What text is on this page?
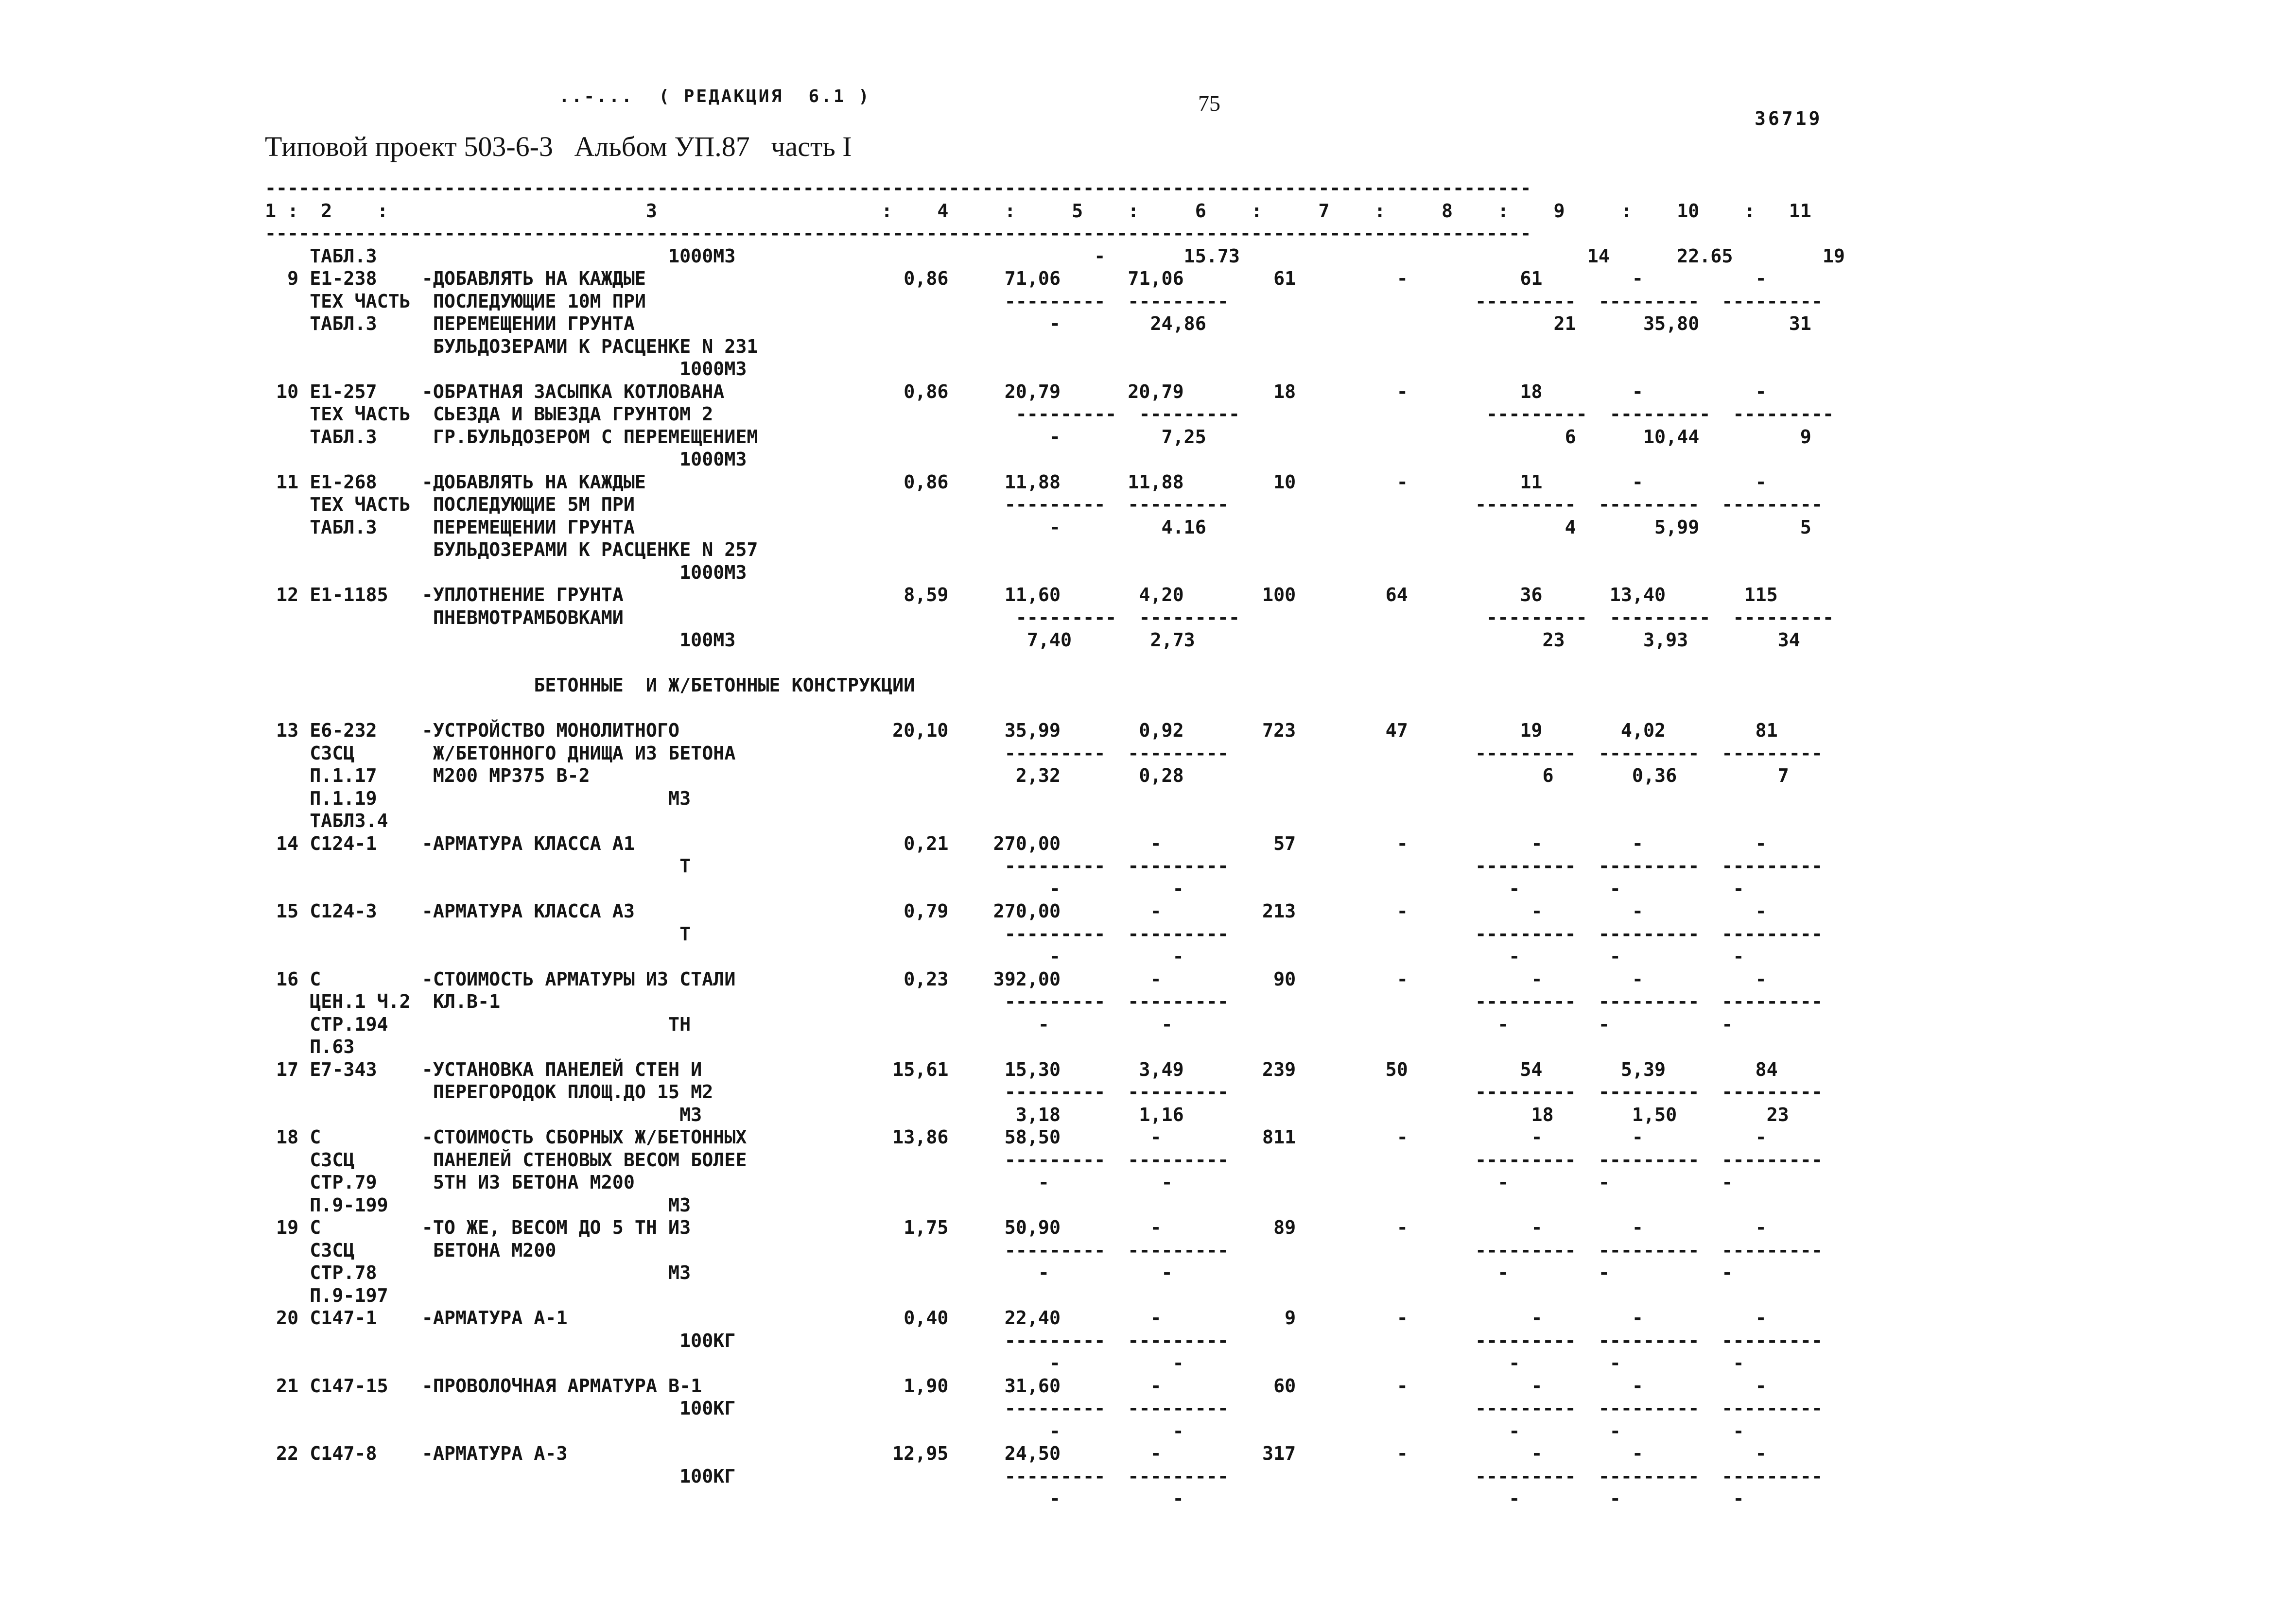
..-...  ( РЕДАКЦИЯ  6.1 )	75
36719
Типовой проект 503-6-3   Альбом УП.87   часть I
-----------------------------------------------------------------------------------------------------------------
1 :  2    :                       3                    :    4     :     5    :     6    :     7    :     8    :    9     :    10    :   11
-----------------------------------------------------------------------------------------------------------------
ТАБЛ.3                          1000М3                                -       15.73                               14      22.65        19
9 Е1-238    -ДОБАВЛЯТЬ НА КАЖДЫЕ                       0,86     71,06      71,06        61         -          61        -          -
ТЕХ ЧАСТЬ  ПОСЛЕДУЮЩИЕ 10М ПРИ                                ---------  ---------                      ---------  ---------  ---------
ТАБЛ.3     ПЕРЕМЕЩЕНИИ ГРУНТА                                     -        24,86                               21      35,80        31
БУЛЬДОЗЕРАМИ К РАСЦЕНКЕ N 231
1000М3
10 Е1-257    -ОБРАТНАЯ ЗАСЫПКА КОТЛОВАНА                0,86     20,79      20,79        18         -          18        -          -
ТЕХ ЧАСТЬ  СЬЕЗДА И ВЫЕЗДА ГРУНТОМ 2                           ---------  ---------                      ---------  ---------  ---------
ТАБЛ.3     ГР.БУЛЬДОЗЕРОМ С ПЕРЕМЕЩЕНИЕМ                          -         7,25                                6      10,44         9
1000М3
11 Е1-268    -ДОБАВЛЯТЬ НА КАЖДЫЕ                       0,86     11,88      11,88        10         -          11        -          -
ТЕХ ЧАСТЬ  ПОСЛЕДУЮЩИЕ 5М ПРИ                                 ---------  ---------                      ---------  ---------  ---------
ТАБЛ.3     ПЕРЕМЕЩЕНИИ ГРУНТА                                     -         4.16                                4       5,99         5
БУЛЬДОЗЕРАМИ К РАСЦЕНКЕ N 257
1000М3
12 Е1-1185   -УПЛОТНЕНИЕ ГРУНТА                         8,59     11,60       4,20       100        64          36      13,40       115
ПНЕВМОТРАМБОВКАМИ                                   ---------  ---------                      ---------  ---------  ---------
100М3                          7,40       2,73                               23       3,93        34
БЕТОННЫЕ  И Ж/БЕТОННЫЕ КОНСТРУКЦИИ
13 Е6-232    -УСТРОЙСТВО МОНОЛИТНОГО                   20,10     35,99       0,92       723        47          19       4,02        81
СЗСЦ       Ж/БЕТОННОГО ДНИЩА ИЗ БЕТОНА                        ---------  ---------                      ---------  ---------  ---------
П.1.17     М200 МРЗ75 В-2                                      2,32       0,28                                6       0,36         7
П.1.19                          М3
ТАБЛ3.4
14 С124-1    -АРМАТУРА КЛАССА А1                        0,21    270,00        -          57         -           -        -          -
Т                            ---------  ---------                      ---------  ---------  ---------
-          -                             -        -          -
15 С124-3    -АРМАТУРА КЛАССА А3                        0,79    270,00        -         213         -           -        -          -
Т                            ---------  ---------                      ---------  ---------  ---------
-          -                             -        -          -
16 С         -СТОИМОСТЬ АРМАТУРЫ ИЗ СТАЛИ               0,23    392,00        -          90         -           -        -          -
ЦЕН.1 Ч.2  КЛ.В-1                                             ---------  ---------                      ---------  ---------  ---------
СТР.194                         ТН                               -          -                             -        -          -
П.63
17 Е7-343    -УСТАНОВКА ПАНЕЛЕЙ СТЕН И                 15,61     15,30       3,49       239        50          54       5,39        84
ПЕРЕГОРОДОК ПЛОЩ.ДО 15 М2                          ---------  ---------                      ---------  ---------  ---------
М3                            3,18       1,16                               18       1,50        23
18 С         -СТОИМОСТЬ СБОРНЫХ Ж/БЕТОННЫХ             13,86     58,50        -         811         -           -        -          -
СЗСЦ       ПАНЕЛЕЙ СТЕНОВЫХ ВЕСОМ БОЛЕЕ                       ---------  ---------                      ---------  ---------  ---------
СТР.79     5ТН ИЗ БЕТОНА М200                                    -          -                             -        -          -
П.9-199                         М3
19 С         -ТО ЖЕ, ВЕСОМ ДО 5 ТН ИЗ                   1,75     50,90        -          89         -           -        -          -
СЗСЦ       БЕТОНА М200                                        ---------  ---------                      ---------  ---------  ---------
СТР.78                          М3                               -          -                             -        -          -
П.9-197
20 С147-1    -АРМАТУРА А-1                              0,40     22,40        -           9         -           -        -          -
100КГ                        ---------  ---------                      ---------  ---------  ---------
-          -                             -        -          -
21 С147-15   -ПРОВОЛОЧНАЯ АРМАТУРА В-1                  1,90     31,60        -          60         -           -        -          -
100КГ                        ---------  ---------                      ---------  ---------  ---------
-          -                             -        -          -
22 С147-8    -АРМАТУРА А-3                             12,95     24,50        -         317         -           -        -          -
100КГ                        ---------  ---------                      ---------  ---------  ---------
-          -                             -        -          -
